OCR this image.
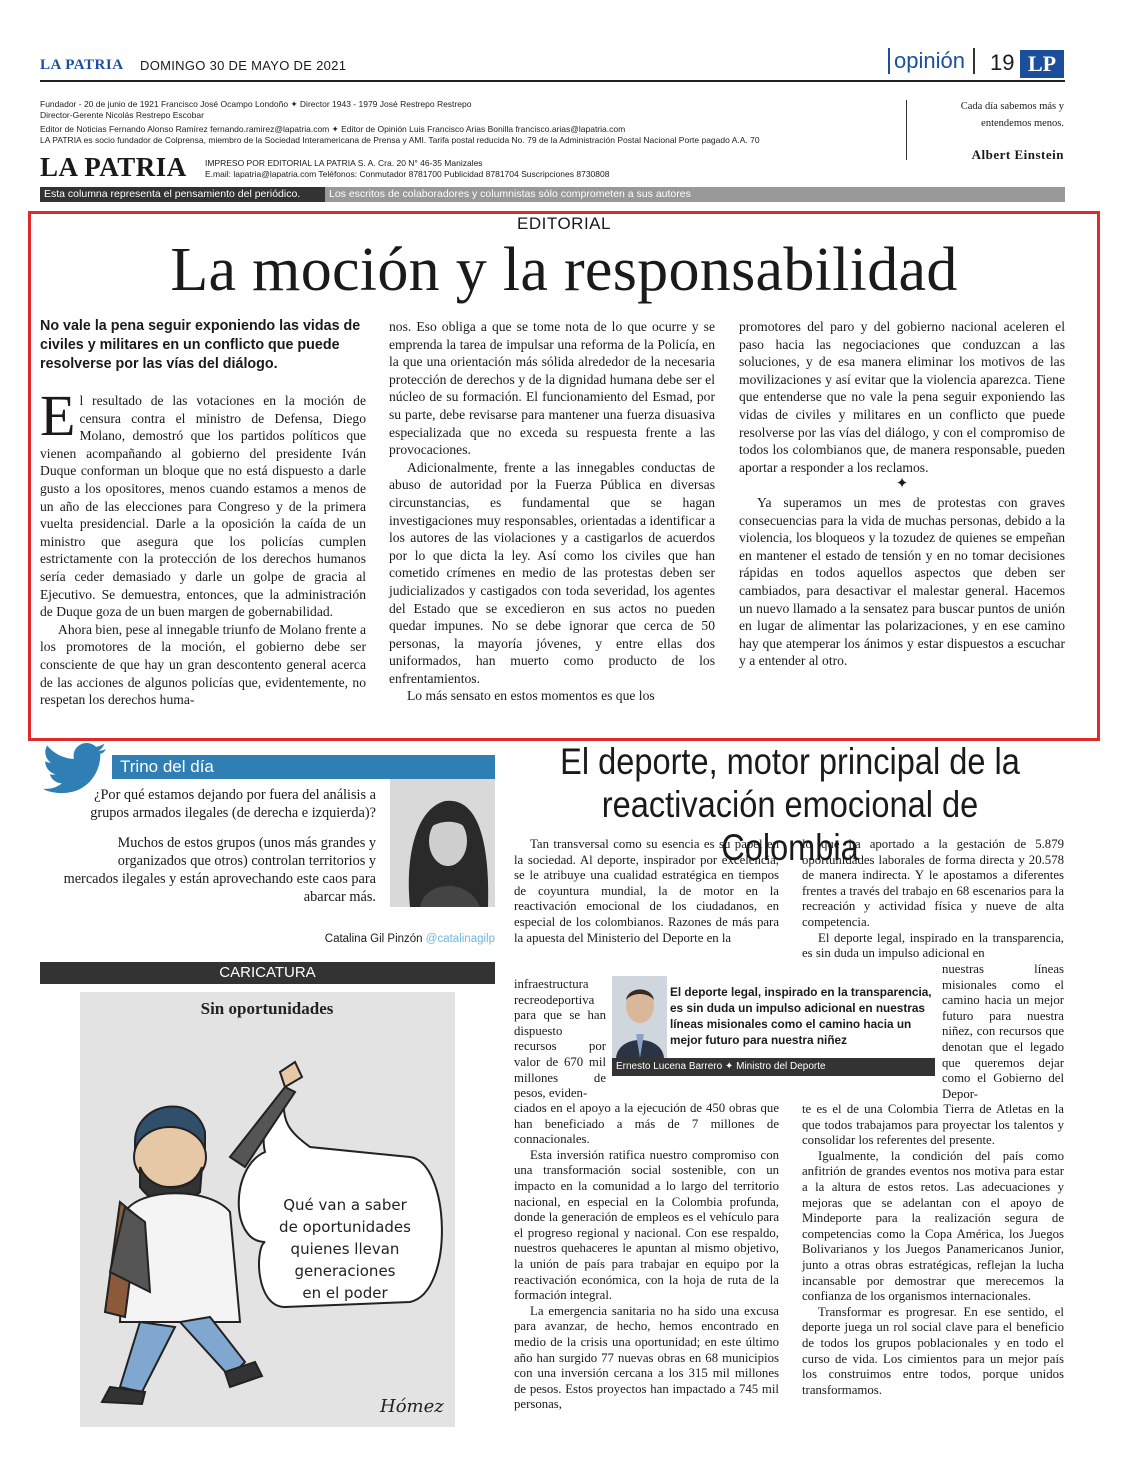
LA PATRIA DOMINGO 30 DE MAYO DE 2021	opinión	19 LP
Fundador - 20 de junio de 1921 Francisco José Ocampo Londoño ✦ Director 1943 - 1979 José Restrepo Restrepo
Director-Gerente Nicolás Restrepo Escobar
Editor de Noticias Fernando Alonso Ramírez fernando.ramirez@lapatria.com ✦ Editor de Opinión Luis Francisco Arias Bonilla francisco.arias@lapatria.com
LA PATRIA es socio fundador de Colprensa, miembro de la Sociedad Interamericana de Prensa y AMI. Tarifa postal reducida No. 79 de la Administración Postal Nacional Porte pagado A.A. 70
LA PATRIA IMPRESO POR EDITORIAL LA PATRIA S. A. Cra. 20 N° 46-35 Manizales
E.mail: lapatria@lapatria.com Teléfonos: Conmutador 8781700 Publicidad 8781704 Suscripciones 8730808
Cada día sabemos más y entendemos menos.
Albert Einstein
Esta columna representa el pensamiento del periódico.	Los escritos de colaboradores y columnistas sólo comprometen a sus autores
EDITORIAL
La moción y la responsabilidad
No vale la pena seguir exponiendo las vidas de civiles y militares en un conflicto que puede resolverse por las vías del diálogo.

El resultado de las votaciones en la moción de censura contra el ministro de Defensa, Diego Molano, demostró que los partidos políticos que vienen acompañando al gobierno del presidente Iván Duque conforman un bloque que no está dispuesto a darle gusto a los opositores, menos cuando estamos a menos de un año de las elecciones para Congreso y de la primera vuelta presidencial. Darle a la oposición la caída de un ministro que asegura que los policías cumplen estrictamente con la protección de los derechos humanos sería ceder demasiado y darle un golpe de gracia al Ejecutivo. Se demuestra, entonces, que la administración de Duque goza de un buen margen de gobernabilidad.

Ahora bien, pese al innegable triunfo de Molano frente a los promotores de la moción, el gobierno debe ser consciente de que hay un gran descontento general acerca de las acciones de algunos policías que, evidentemente, no respetan los derechos huma-

nos. Eso obliga a que se tome nota de lo que ocurre y se emprenda la tarea de impulsar una reforma de la Policía, en la que una orientación más sólida alrededor de la necesaria protección de derechos y de la dignidad humana debe ser el núcleo de su formación. El funcionamiento del Esmad, por su parte, debe revisarse para mantener una fuerza disuasiva especializada que no exceda su respuesta frente a las provocaciones.

Adicionalmente, frente a las innegables conductas de abuso de autoridad por la Fuerza Pública en diversas circunstancias, es fundamental que se hagan investigaciones muy responsables, orientadas a identificar a los autores de las violaciones y a castigarlos de acuerdos por lo que dicta la ley. Así como los civiles que han cometido crímenes en medio de las protestas deben ser judicializados y castigados con toda severidad, los agentes del Estado que se excedieron en sus actos no pueden quedar impunes. No se debe ignorar que cerca de 50 personas, la mayoría jóvenes, y entre ellas dos uniformados, han muerto como producto de los enfrentamientos.

Lo más sensato en estos momentos es que los

promotores del paro y del gobierno nacional aceleren el paso hacia las negociaciones que conduzcan a las soluciones, y de esa manera eliminar los motivos de las movilizaciones y así evitar que la violencia aparezca. Tiene que entenderse que no vale la pena seguir exponiendo las vidas de civiles y militares en un conflicto que puede resolverse por las vías del diálogo, y con el compromiso de todos los colombianos que, de manera responsable, pueden aportar a responder a los reclamos.

✦

Ya superamos un mes de protestas con graves consecuencias para la vida de muchas personas, debido a la violencia, los bloqueos y la tozudez de quienes se empeñan en mantener el estado de tensión y en no tomar decisiones rápidas en todos aquellos aspectos que deben ser cambiados, para desactivar el malestar general. Hacemos un nuevo llamado a la sensatez para buscar puntos de unión en lugar de alimentar las polarizaciones, y en ese camino hay que atemperar los ánimos y estar dispuestos a escuchar y a entender al otro.

Trino del día

¿Por qué estamos dejando por fuera del análisis a grupos armados ilegales (de derecha e izquierda)?

Muchos de estos grupos (unos más grandes y organizados que otros) controlan territorios y mercados ilegales y están aprovechando este caos para abarcar más.

Catalina Gil Pinzón @catalinagilp
CARICATURA
Sin oportunidades
Qué van a saber
de oportunidades
quienes llevan
generaciones
en el poder
Hómez
El deporte, motor principal de la
reactivación emocional de Colombia

Tan transversal como su esencia es su papel en la sociedad. Al deporte, inspirador por excelencia, se le atribuye una cualidad estratégica en tiempos de coyuntura mundial, la de motor en la reactivación emocional de los ciudadanos, en especial de los colombianos. Razones de más para la apuesta del Ministerio del Deporte en la

infraestructura recreodeportiva para que se han dispuesto recursos por valor de 670 mil millones de pesos, eviden-

ciados en el apoyo a la ejecución de 450 obras que han beneficiado a más de 7 millones de connacionales.

Esta inversión ratifica nuestro compromiso con una transformación social sostenible, con un impacto en la comunidad a lo largo del territorio nacional, en especial en la Colombia profunda, donde la generación de empleos es el vehículo para el progreso regional y nacional. Con ese respaldo, nuestros quehaceres le apuntan al mismo objetivo, la unión de país para trabajar en equipo por la reactivación económica, con la hoja de ruta de la formación integral.

La emergencia sanitaria no ha sido una excusa para avanzar, de hecho, hemos encontrado en medio de la crisis una oportunidad; en este último año han surgido 77 nuevas obras en 68 municipios con una inversión cercana a los 315 mil millones de pesos. Estos proyectos han impactado a 745 mil personas,

lo que ha aportado a la gestación de 5.879 oportunidades laborales de forma directa y 20.578 de manera indirecta. Y le apostamos a diferentes frentes a través del trabajo en 68 escenarios para la recreación y actividad física y nueve de alta competencia.

El deporte legal, inspirado en la transparencia, es sin duda un impulso adicional en

nuestras líneas misionales como el camino hacia un mejor futuro para nuestra niñez, con recursos que denotan que el legado que queremos dejar como el Gobierno del Depor-

te es el de una Colombia Tierra de Atletas en la que todos trabajamos para proyectar los talentos y consolidar los referentes del presente.

Igualmente, la condición del país como anfitrión de grandes eventos nos motiva para estar a la altura de estos retos. Las adecuaciones y mejoras que se adelantan con el apoyo de Mindeporte para la realización segura de competencias como la Copa América, los Juegos Bolivarianos y los Juegos Panamericanos Junior, junto a otras obras estratégicas, reflejan la lucha incansable por demostrar que merecemos la confianza de los organismos internacionales.

Transformar es progresar. En ese sentido, el deporte juega un rol social clave para el beneficio de todos los grupos poblacionales y en todo el curso de vida. Los cimientos para un mejor país los construimos entre todos, porque unidos transformamos.

El deporte legal, inspirado en la transparencia, es sin duda un impulso adicional en nuestras líneas misionales como el camino hacia un mejor futuro para nuestra niñez
Ernesto Lucena Barrero ✦ Ministro del Deporte
